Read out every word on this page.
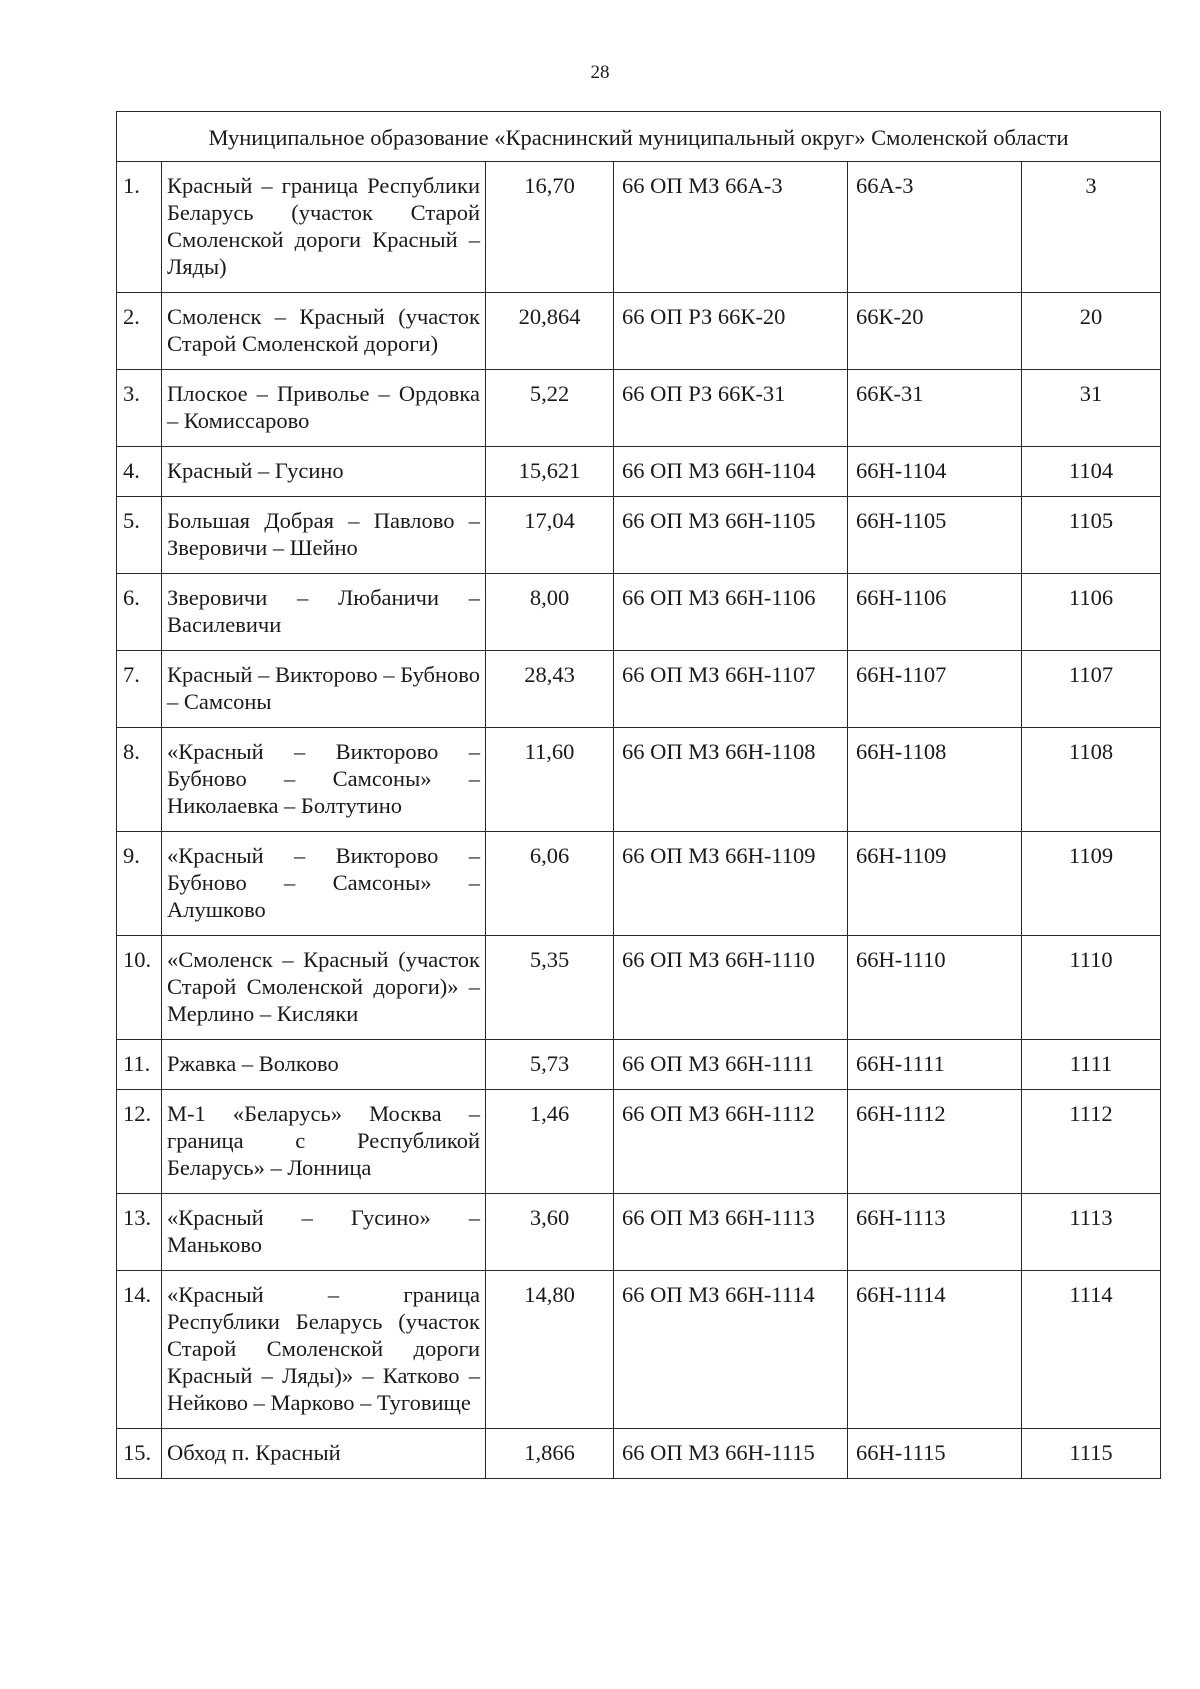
28
Муниципальное образование «Краснинский муниципальный округ» Смоленской области					
1.	Красный – граница Республики Беларусь (участок Старой Смоленской дороги Красный – Ляды)	16,70	66 ОП МЗ 66А-3	66А-3	3
2.	Смоленск – Красный (участок Старой Смоленской дороги)	20,864	66 ОП РЗ 66К-20	66К-20	20
3.	Плоское – Приволье – Ордовка – Комиссарово	5,22	66 ОП РЗ 66К-31	66К-31	31
4.	Красный – Гусино	15,621	66 ОП МЗ 66Н-1104	66Н-1104	1104
5.	Большая Добрая – Павлово – Зверовичи – Шейно	17,04	66 ОП МЗ 66Н-1105	66Н-1105	1105
6.	Зверовичи – Любаничи – Василевичи	8,00	66 ОП МЗ 66Н-1106	66Н-1106	1106
7.	Красный – Викторово – Бубново – Самсоны	28,43	66 ОП МЗ 66Н-1107	66Н-1107	1107
8.	«Красный – Викторово – Бубново – Самсоны» – Николаевка – Болтутино	11,60	66 ОП МЗ 66Н-1108	66Н-1108	1108
9.	«Красный – Викторово – Бубново – Самсоны» – Алушково	6,06	66 ОП МЗ 66Н-1109	66Н-1109	1109
10.	«Смоленск – Красный (участок Старой Смоленской дороги)» – Мерлино – Кисляки	5,35	66 ОП МЗ 66Н-1110	66Н-1110	1110
11.	Ржавка – Волково	5,73	66 ОП МЗ 66Н-1111	66Н-1111	1111
12.	М-1 «Беларусь» Москва – граница с Республикой Беларусь» – Лонница	1,46	66 ОП МЗ 66Н-1112	66Н-1112	1112
13.	«Красный – Гусино» – Маньково	3,60	66 ОП МЗ 66Н-1113	66Н-1113	1113
14.	«Красный – граница Республики Беларусь (участок Старой Смоленской дороги Красный – Ляды)» – Катково – Нейково – Марково – Туговище	14,80	66 ОП МЗ 66Н-1114	66Н-1114	1114
15.	Обход п. Красный	1,866	66 ОП МЗ 66Н-1115	66Н-1115	1115
